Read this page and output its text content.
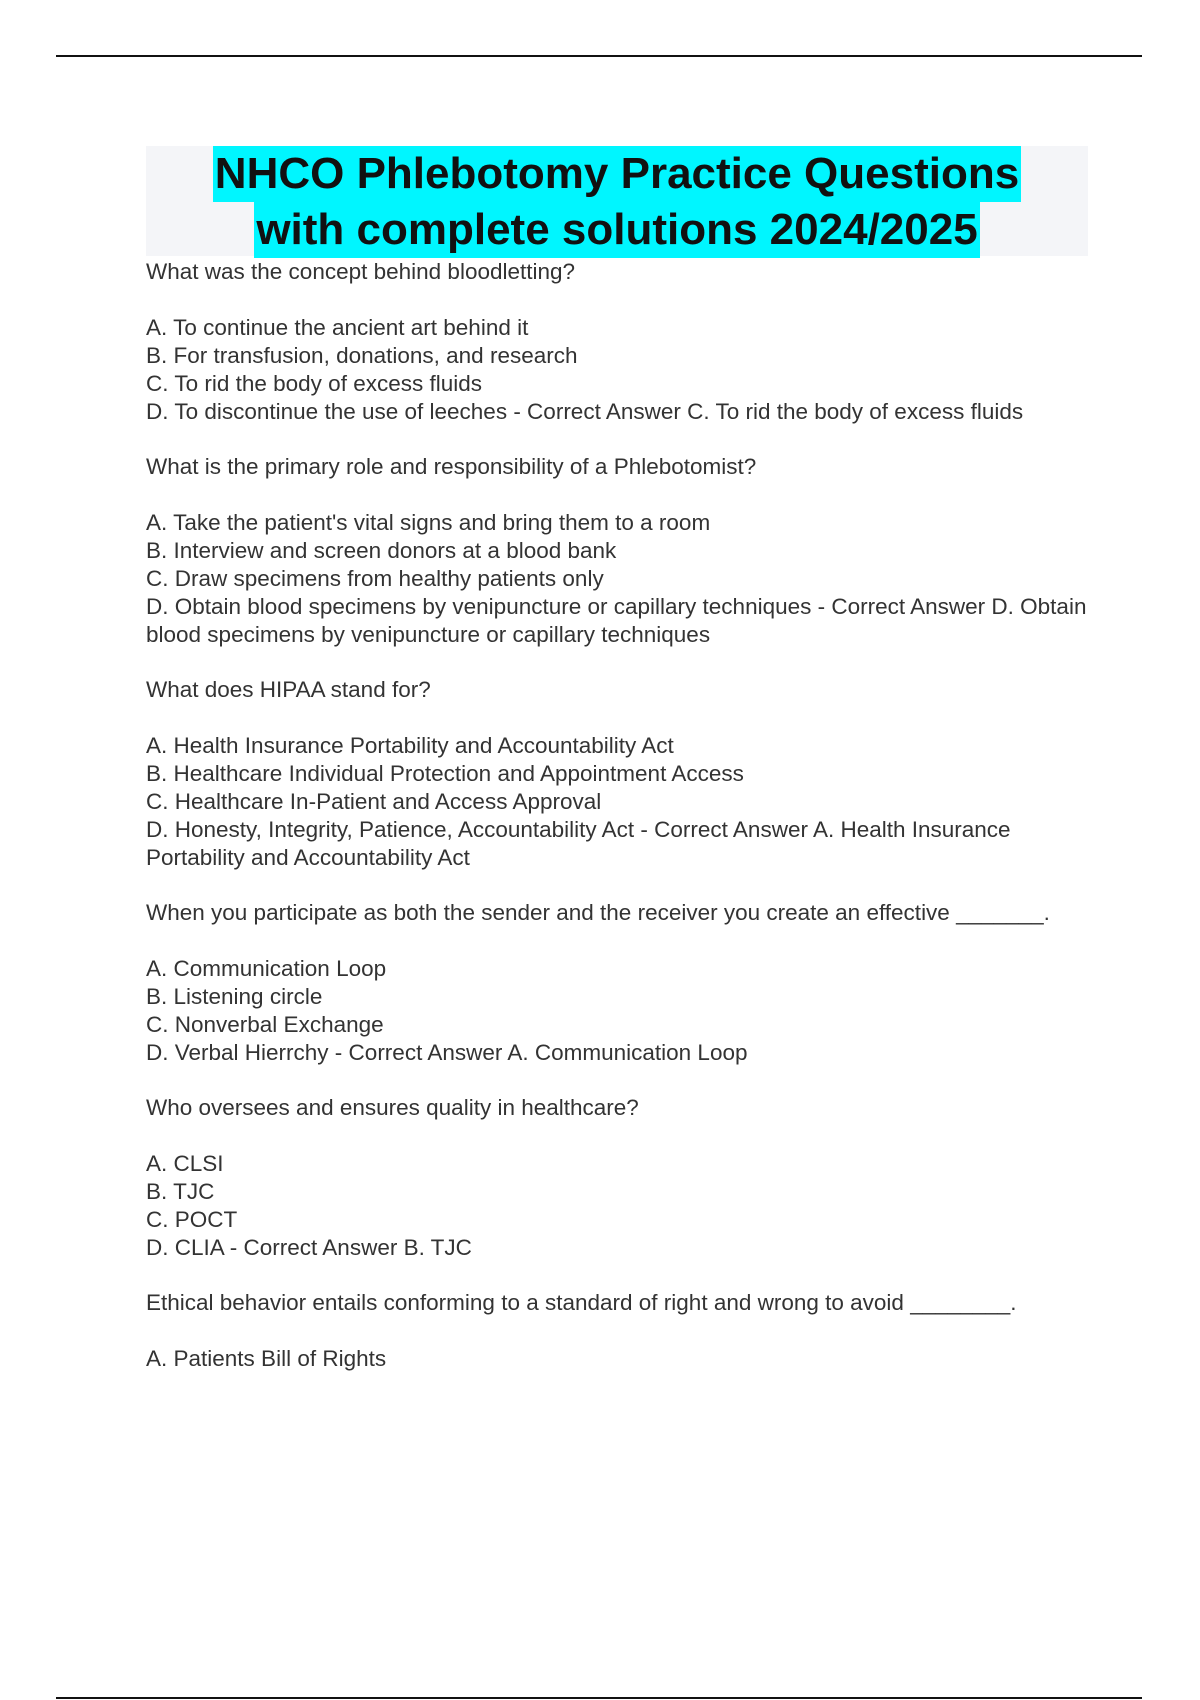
NHCO Phlebotomy Practice Questions
with complete solutions 2024/2025

What was the concept behind bloodletting?

A. To continue the ancient art behind it

B. For transfusion, donations, and research

C. To rid the body of excess fluids

D. To discontinue the use of leeches - Correct Answer C. To rid the body of excess fluids

What is the primary role and responsibility of a Phlebotomist?

A. Take the patient's vital signs and bring them to a room

B. Interview and screen donors at a blood bank

C. Draw specimens from healthy patients only

D. Obtain blood specimens by venipuncture or capillary techniques - Correct Answer D. Obtain blood specimens by venipuncture or capillary techniques

What does HIPAA stand for?

A. Health Insurance Portability and Accountability Act

B. Healthcare Individual Protection and Appointment Access

C. Healthcare In-Patient and Access Approval

D. Honesty, Integrity, Patience, Accountability Act - Correct Answer A. Health Insurance Portability and Accountability Act

When you participate as both the sender and the receiver you create an effective _______.

A. Communication Loop

B. Listening circle

C. Nonverbal Exchange

D. Verbal Hierrchy - Correct Answer A. Communication Loop

Who oversees and ensures quality in healthcare?

A. CLSI

B. TJC

C. POCT

D. CLIA - Correct Answer B. TJC

Ethical behavior entails conforming to a standard of right and wrong to avoid ________.

A. Patients Bill of Rights
